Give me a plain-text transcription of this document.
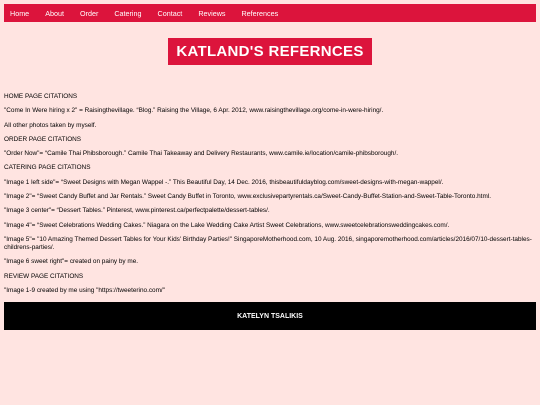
Home About Order Catering Contact Reviews References
KATLAND'S REFERNCES

HOME PAGE CITATIONS

"Come In Were hiring x 2" = Raisingthevillage. “Blog.” Raising the Village, 6 Apr. 2012, www.raisingthevillage.org/come-in-were-hiring/.

All other photos taken by myself.

ORDER PAGE CITATIONS

"Order Now"= “Camile Thai Phibsborough.” Camile Thai Takeaway and Delivery Restaurants, www.camile.ie/location/camile-phibsborough/.

CATERING PAGE CITATIONS

"Image 1 left side"= “Sweet Designs with Megan Wappel -.” This Beautiful Day, 14 Dec. 2016, thisbeautifuldayblog.com/sweet-designs-with-megan-wappel/.

"Image 2"= “Sweet Candy Buffet and Jar Rentals.” Sweet Candy Buffet in Toronto, www.exclusivepartyrentals.ca/Sweet-Candy-Buffet-Station-and-Sweet-Table-Toronto.html.

"Image 3 center"= “Dessert Tables.” Pinterest, www.pinterest.ca/perfectpalette/dessert-tables/.

"Image 4"= “Sweet Celebrations Wedding Cakes.” Niagara on the Lake Wedding Cake Artist Sweet Celebrations, www.sweetcelebrationsweddingcakes.com/.

"Image 5"= "10 Amazing Themed Dessert Tables for Your Kids' Birthday Parties!" SingaporeMotherhood.com, 10 Aug. 2016, singaporemotherhood.com/articles/2016/07/10-dessert-tables-childrens-parties/.

"Image 6 sweet right"= created on painy by me.

REVIEW PAGE CITATIONS

"Image 1-9 created by me using "https://tweeterino.com/"

KATELYN TSALIKIS
